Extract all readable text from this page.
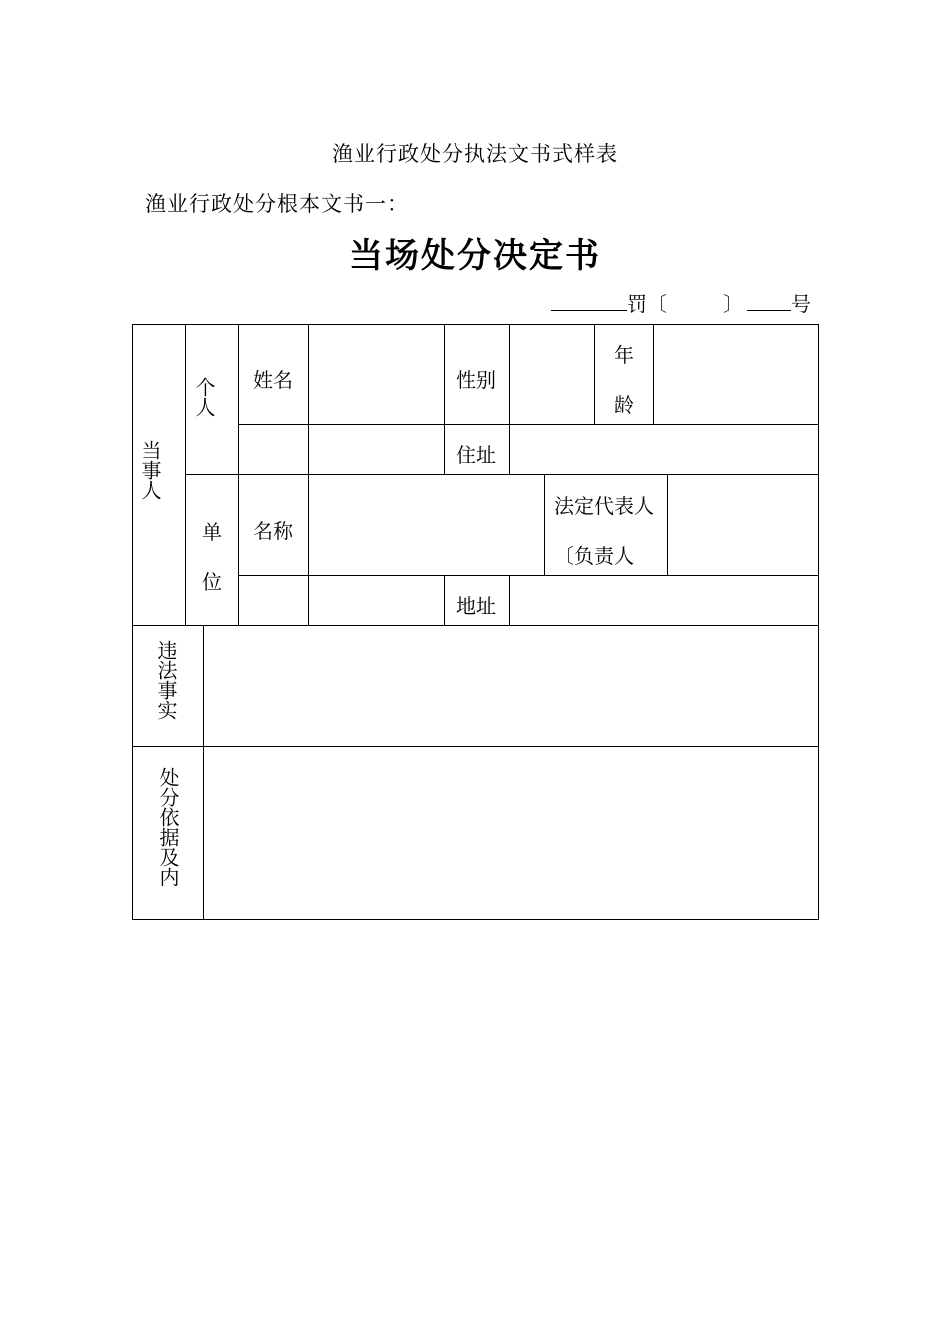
渔业行政处分执法文书式样表
渔业行政处分根本文书一：
当场处分决定书
罚〔	〕 号
当事人
个人
单
位
姓名	性别
年
龄
住址
名称
法定代表人
〔负责人
地址
违法事实
处分依据及内
